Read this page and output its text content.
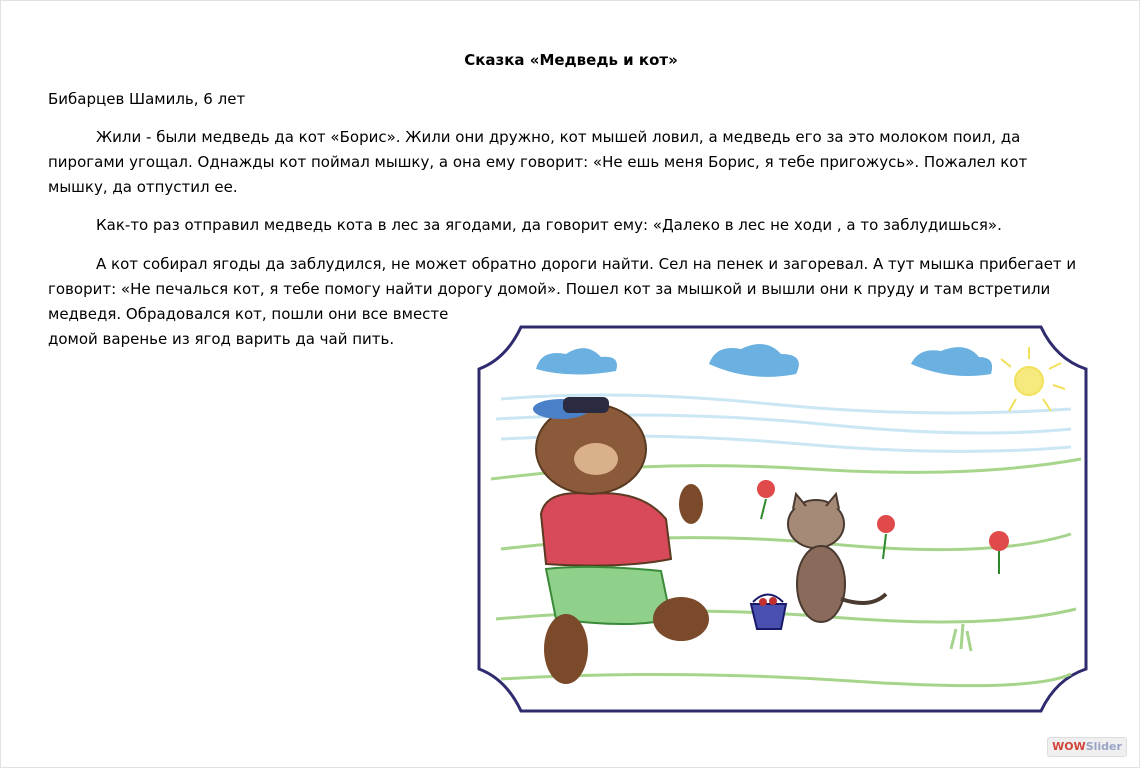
Сказка «Медведь и кот»
Бибарцев Шамиль, 6 лет

Жили - были медведь да кот «Борис». Жили они дружно, кот мышей ловил, а медведь его за это молоком поил, да пирогами угощал. Однажды кот поймал мышку, а она ему говорит: «Не ешь меня Борис, я тебе пригожусь». Пожалел кот мышку, да отпустил ее.

Как-то раз отправил медведь кота в лес за ягодами, да говорит ему: «Далеко в лес не ходи , а то заблудишься».

А кот собирал ягоды да заблудился, не может обратно дороги найти. Сел на пенек и загоревал. А тут мышка прибегает и говорит: «Не печалься кот, я тебе помогу найти дорогу домой». Пошел кот за мышкой и вышли они к пруду и там встретили

медведя. Обрадовался кот, пошли они все вместе
домой варенье из ягод варить да чай пить.
WOWSlider
